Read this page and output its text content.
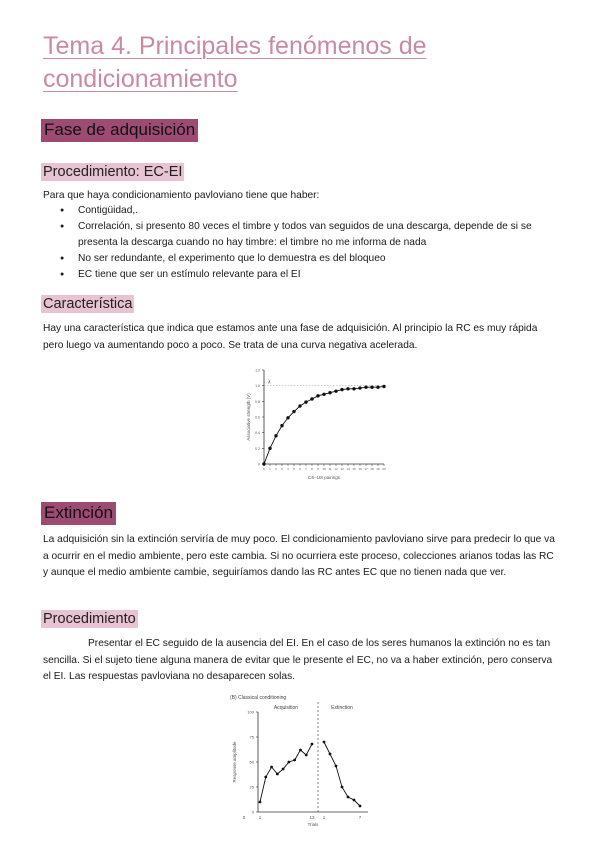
Tema 4. Principales fenómenos de condicionamiento
Fase de adquisición
Procedimiento: EC-EI
Para que haya condicionamiento pavloviano tiene que haber:
● Contigüidad,.
● Correlación, si presento 80 veces el timbre y todos van seguidos de una descarga, depende de si se presenta la descarga cuando no hay timbre: el timbre no me informa de nada
● No ser redundante, el experimento que lo demuestra es del bloqueo
● EC tiene que ser un estímulo relevante para el EI
Característica
Hay una característica que indica que estamos ante una fase de adquisición. Al principio la RC es muy rápida pero luego va aumentando poco a poco. Se trata de una curva negativa acelerada.
0
0.2
0.4
0.6
0.8
1.0
1.2
0 1 2 3 4 5 6 7 8 9 10 11 12 13 14 15 16 17 18 19 20
λ
CS–US pairings
Associative strength (V)
Extinción
La adquisición sin la extinción serviría de muy poco. El condicionamiento pavloviano sirve para predecir lo que va a ocurrir en el medio ambiente, pero este cambia. Si no ocurriera este proceso, colecciones arianos todas las RC y aunque el medio ambiente cambie, seguiríamos dando las RC antes EC que no tienen nada que ver.
Procedimiento
Presentar el EC seguido de la ausencia del EI. En el caso de los seres humanos la extinción no es tan sencilla. Si el sujeto tiene alguna manera de evitar que le presente el EC, no va a haber extinción, pero conserva el EI. Las respuestas pavloviana no desaparecen solas.
(B) Classical conditioning
Acquisition	Extinction
0
25
50
75
100
Response amplitude
0	1	13 1	7
Trials
